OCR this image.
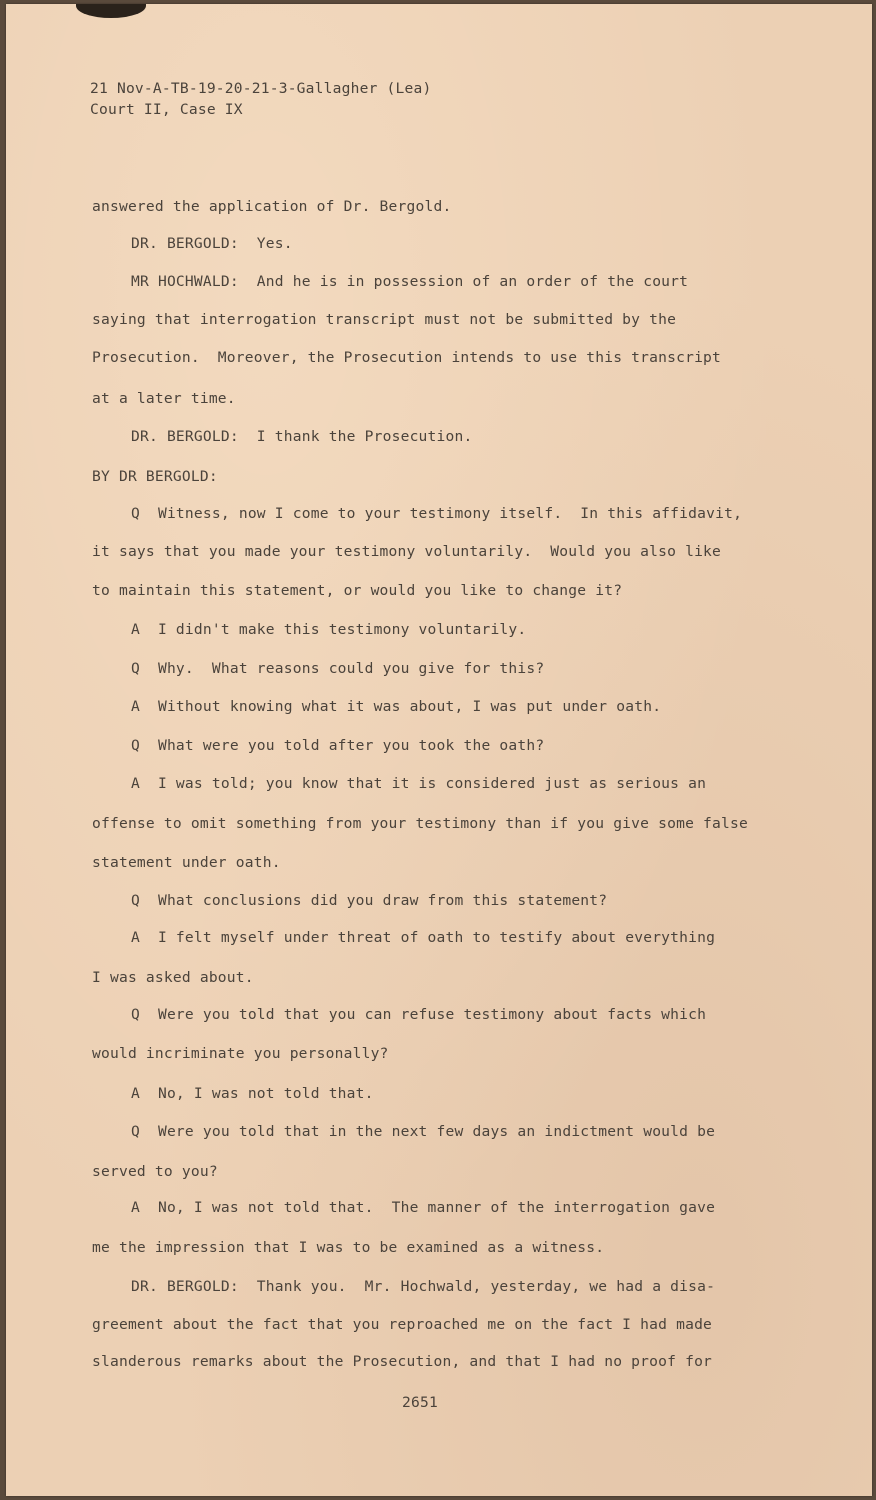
21 Nov-A-TB-19-20-21-3-Gallagher (Lea)
Court II, Case IX
answered the application of Dr. Bergold.
DR. BERGOLD:  Yes.
MR HOCHWALD:  And he is in possession of an order of the court
saying that interrogation transcript must not be submitted by the
Prosecution.  Moreover, the Prosecution intends to use this transcript
at a later time.
DR. BERGOLD:  I thank the Prosecution.
BY DR BERGOLD:
Q  Witness, now I come to your testimony itself.  In this affidavit,
it says that you made your testimony voluntarily.  Would you also like
to maintain this statement, or would you like to change it?
A  I didn't make this testimony voluntarily.
Q  Why.  What reasons could you give for this?
A  Without knowing what it was about, I was put under oath.
Q  What were you told after you took the oath?
A  I was told; you know that it is considered just as serious an
offense to omit something from your testimony than if you give some false
statement under oath.
Q  What conclusions did you draw from this statement?
A  I felt myself under threat of oath to testify about everything
I was asked about.
Q  Were you told that you can refuse testimony about facts which
would incriminate you personally?
A  No, I was not told that.
Q  Were you told that in the next few days an indictment would be
served to you?
A  No, I was not told that.  The manner of the interrogation gave
me the impression that I was to be examined as a witness.
DR. BERGOLD:  Thank you.  Mr. Hochwald, yesterday, we had a disa-
greement about the fact that you reproached me on the fact I had made
slanderous remarks about the Prosecution, and that I had no proof for
2651
